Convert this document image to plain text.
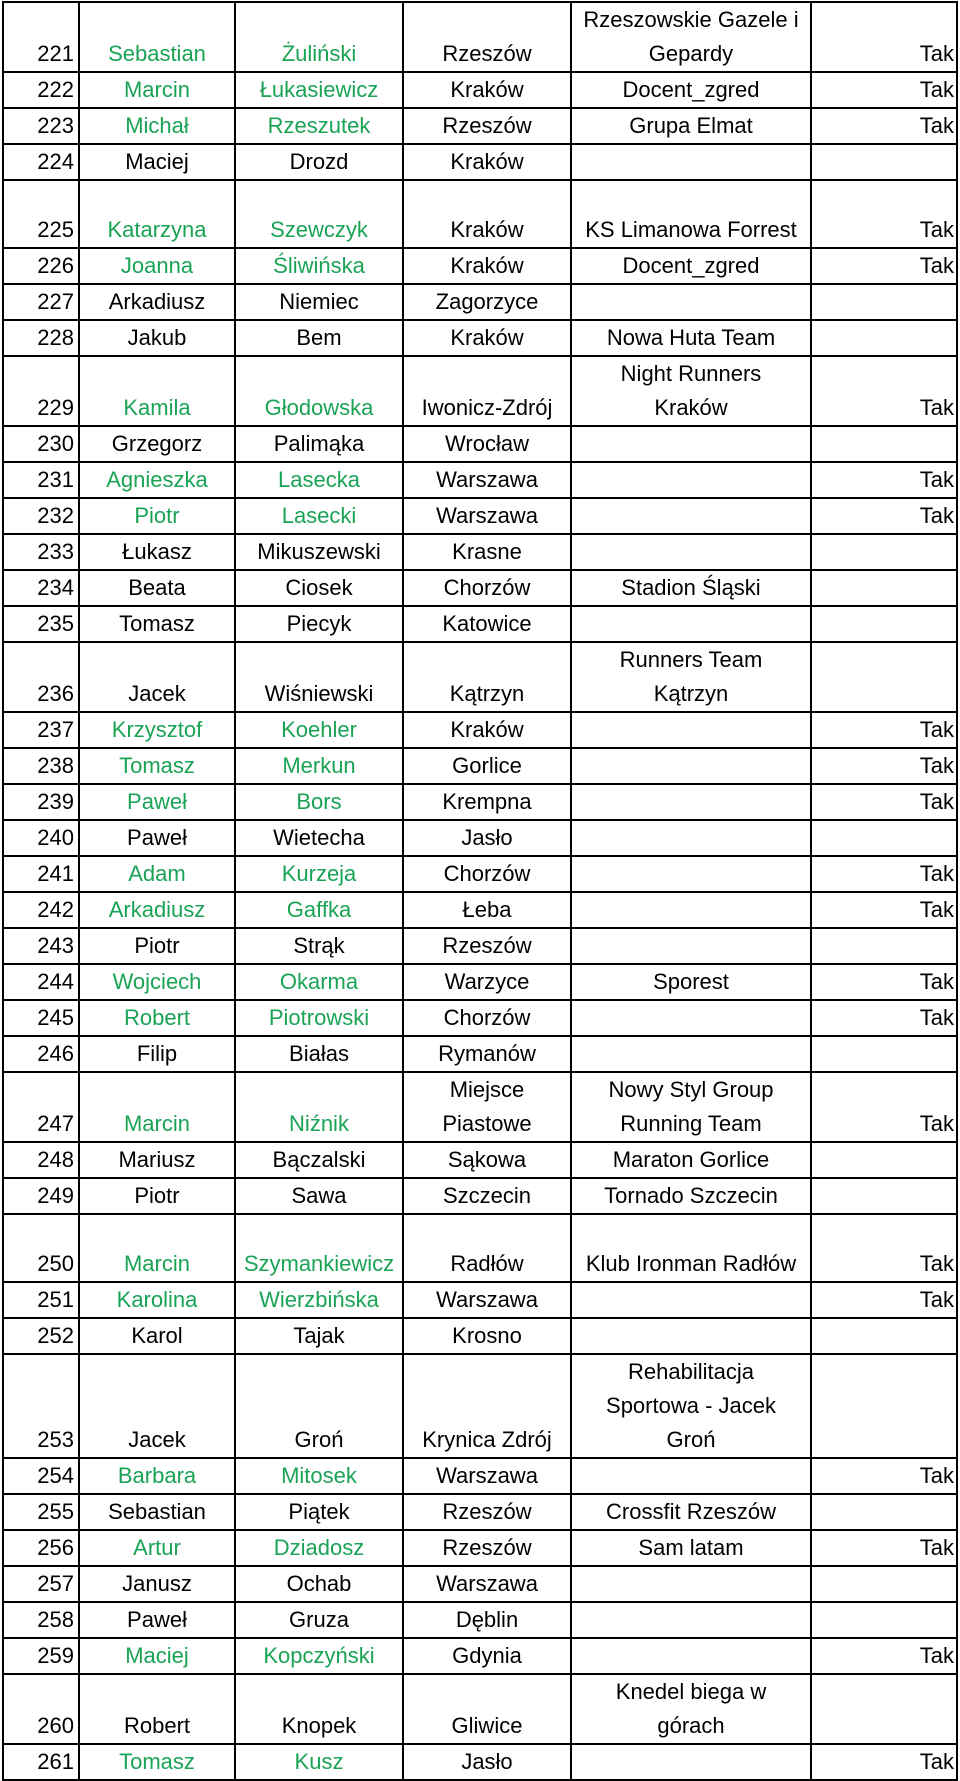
221	Sebastian	Żuliński	Rzeszów	Rzeszowskie Gazele i
Gepardy	Tak
222	Marcin	Łukasiewicz	Kraków	Docent_zgred	Tak
223	Michał	Rzeszutek	Rzeszów	Grupa Elmat	Tak
224	Maciej	Drozd	Kraków		
225	Katarzyna	Szewczyk	Kraków	KS Limanowa Forrest	Tak
226	Joanna	Śliwińska	Kraków	Docent_zgred	Tak
227	Arkadiusz	Niemiec	Zagorzyce		
228	Jakub	Bem	Kraków	Nowa Huta Team	
229	Kamila	Głodowska	Iwonicz-Zdrój	Night Runners
Kraków	Tak
230	Grzegorz	Palimąka	Wrocław		
231	Agnieszka	Lasecka	Warszawa		Tak
232	Piotr	Lasecki	Warszawa		Tak
233	Łukasz	Mikuszewski	Krasne		
234	Beata	Ciosek	Chorzów	Stadion Śląski	
235	Tomasz	Piecyk	Katowice		
236	Jacek	Wiśniewski	Kątrzyn	Runners Team
Kątrzyn	
237	Krzysztof	Koehler	Kraków		Tak
238	Tomasz	Merkun	Gorlice		Tak
239	Paweł	Bors	Krempna		Tak
240	Paweł	Wietecha	Jasło		
241	Adam	Kurzeja	Chorzów		Tak
242	Arkadiusz	Gaffka	Łeba		Tak
243	Piotr	Strąk	Rzeszów		
244	Wojciech	Okarma	Warzyce	Sporest	Tak
245	Robert	Piotrowski	Chorzów		Tak
246	Filip	Białas	Rymanów		
247	Marcin	Niźnik	Miejsce
Piastowe	Nowy Styl Group
Running Team	Tak
248	Mariusz	Bączalski	Sąkowa	Maraton Gorlice	
249	Piotr	Sawa	Szczecin	Tornado Szczecin	
250	Marcin	Szymankiewicz	Radłów	Klub Ironman Radłów	Tak
251	Karolina	Wierzbińska	Warszawa		Tak
252	Karol	Tajak	Krosno		
253	Jacek	Groń	Krynica Zdrój	Rehabilitacja
Sportowa - Jacek
Groń	
254	Barbara	Mitosek	Warszawa		Tak
255	Sebastian	Piątek	Rzeszów	Crossfit Rzeszów	
256	Artur	Dziadosz	Rzeszów	Sam latam	Tak
257	Janusz	Ochab	Warszawa		
258	Paweł	Gruza	Dęblin		
259	Maciej	Kopczyński	Gdynia		Tak
260	Robert	Knopek	Gliwice	Knedel biega w
górach	
261	Tomasz	Kusz	Jasło		Tak
